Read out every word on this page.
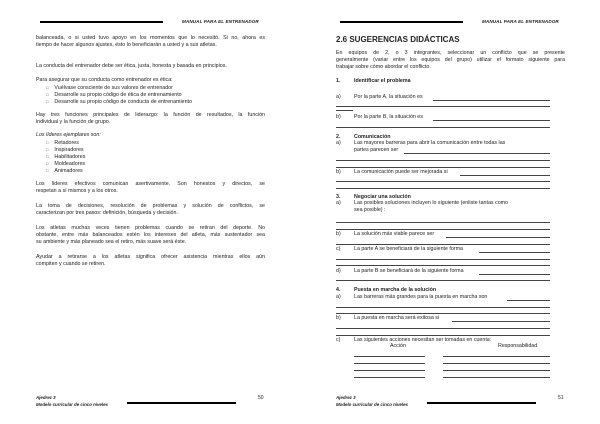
MANUAL PARA EL ENTRENADOR
balanceada, o si usted tuvo apoyo en los momentos que lo necesitó. Si no, ahora es
tiempo de hacer algunos ajustes, ésto lo beneficiarán a usted y a sus atletas.
La conducta del entrenador debe ser ética, justa, honesta y basada en principios.
Para asegurar que su conducta como entrenador es ética:
□ Vuélvase consciente de sus valores de entrenador
□ Desarrolle su propio código de ética de entrenamiento
□ Desarrolle su propio código de conducta de entrenamiento
Hay tres funciones principales de liderazgo: la función de resultados, la función
individual y la función de grupo.
Los líderes ejemplares son:
□ Retadores
□ Inspiradores
□ Habilitadores
□ Moldeadores
□ Animadores
Los líderes efectivos comunican asertivamente. Son honestos y directos, se
respetan a sí mismos y a los otros.
La toma de decisiones, resolución de problemas y solución de conflictos, se
caracterizan por tres pasos: definición, búsqueda y decisión.
Los atletas muchas veces tienen problemas cuando se retiran del deporte. No
obstante, entre más balanceados estén los intereses del atleta, más sustentador sea
su ambiente y más planeado sea el retiro, más suave será éste.
Ayudar a retirarse a los atletas significa ofrecer asistencia mientras ellos aún
compiten y cuando se retiren.
Ajedrez 3
Modelo curricular de cinco niveles
50
MANUAL PARA EL ENTRENADOR
2.6 SUGERENCIAS DIDÁCTICAS
En equipos de 2, o 3 integrantes, seleccionar un conflicto que se presente
generalmente (variar entre los equipos del grupo) utilizar el formato siguiente para
trabajar sobre cómo abordar el conflicto.
1.	Identificar el problema
a)	Por la parte A, la situación es
b)	Por la parte B, la situación es
2.	Comunicación
a)	Las mayores barreras para abrir la comunicación entre todas las
partes parecen ser
b)	La comunicación puede ser mejorada si
3.	Negociar una solución
a)	Las posibles soluciones incluyen lo siguiente (enliste tantas como
sea posible) :
b)	La solución más viable parece ser
c)	La parte A se beneficiará de la siguiente forma
d)	La parte B se beneficiará de la siguiente forma
4.	Puesta en marcha de la solución
a)	Las barreras más grandes para la puesta en marcha son
b)	La puesta en marcha será exitosa si
c)	Las siguientes acciones necesitan ser tomadas en cuenta:
Acción	Responsabilidad
Ajedrez 3
Modelo curricular de cinco niveles
51
